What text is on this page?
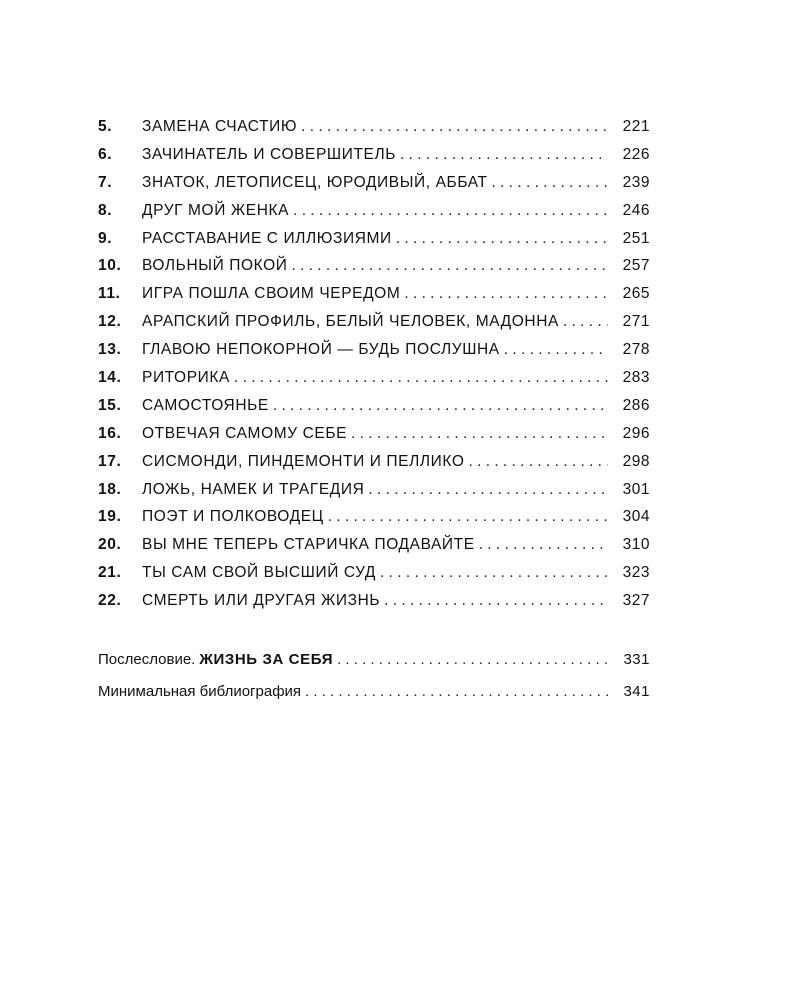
5.	ЗАМЕНА СЧАСТИЮ . . .	221
6.	ЗАЧИНАТЕЛЬ И СОВЕРШИТЕЛЬ . . .	226
7.	ЗНАТОК, ЛЕТОПИСЕЦ, ЮРОДИВЫЙ, АББАТ . . .	239
8.	ДРУГ МОЙ ЖЕНКА . . .	246
9.	РАССТАВАНИЕ С ИЛЛЮЗИЯМИ . . .	251
10.	ВОЛЬНЫЙ ПОКОЙ . . .	257
11.	ИГРА ПОШЛА СВОИМ ЧЕРЕДОМ . . .	265
12.	АРАПСКИЙ ПРОФИЛЬ, БЕЛЫЙ ЧЕЛОВЕК, МАДОННА . . .	271
13.	ГЛАВОЮ НЕПОКОРНОЙ — БУДЬ ПОСЛУШНА . . .	278
14.	РИТОРИКА . . .	283
15.	САМОСТОЯНЬЕ . . .	286
16.	ОТВЕЧАЯ САМОМУ СЕБЕ . . .	296
17.	СИСМОНДИ, ПИНДЕМОНТИ И ПЕЛЛИКО . . .	298
18.	ЛОЖЬ, НАМЕК И ТРАГЕДИЯ . . .	301
19.	ПОЭТ И ПОЛКОВОДЕЦ . . .	304
20.	ВЫ МНЕ ТЕПЕРЬ СТАРИЧКА ПОДАВАЙТЕ . . .	310
21.	ТЫ САМ СВОЙ ВЫСШИЙ СУД . . .	323
22.	СМЕРТЬ ИЛИ ДРУГАЯ ЖИЗНЬ . . .	327
Послесловие. ЖИЗНЬ ЗА СЕБЯ . . .	331
Минимальная библиография . . .	341
